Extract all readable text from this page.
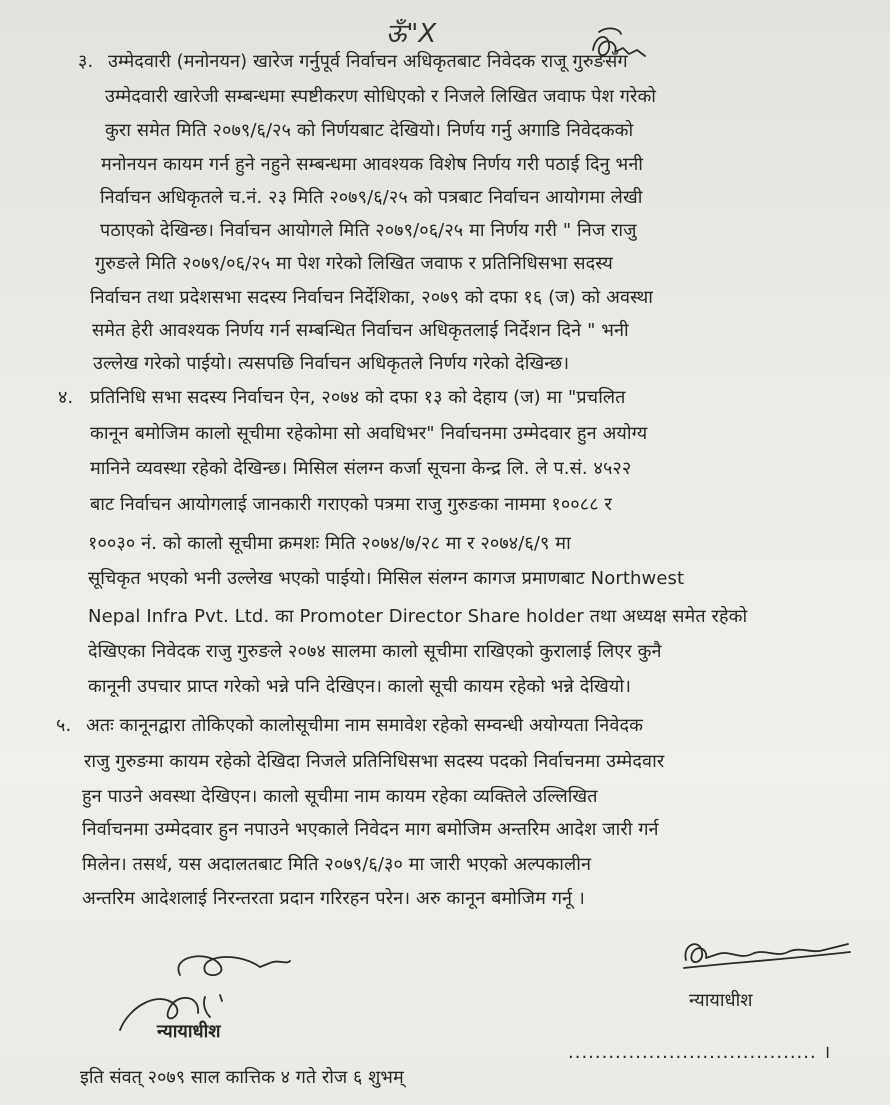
ऊँ"X
३. उम्मेदवारी (मनोनयन) खारेज गर्नुपूर्व निर्वाचन अधिकृतबाट निवेदक राजू गुरुङसँग
उम्मेदवारी खारेजी सम्बन्धमा स्पष्टीकरण सोधिएको र निजले लिखित जवाफ पेश गरेको
कुरा समेत मिति २०७९/६/२५ को निर्णयबाट देखियो। निर्णय गर्नु अगाडि निवेदकको
मनोनयन कायम गर्न हुने नहुने सम्बन्धमा आवश्यक विशेष निर्णय गरी पठाई दिनु भनी
निर्वाचन अधिकृतले च.नं. २३ मिति २०७९/६/२५ को पत्रबाट निर्वाचन आयोगमा लेखी
पठाएको देखिन्छ। निर्वाचन आयोगले मिति २०७९/०६/२५ मा निर्णय गरी " निज राजु
गुरुङले मिति २०७९/०६/२५ मा पेश गरेको लिखित जवाफ र प्रतिनिधिसभा सदस्य
निर्वाचन तथा प्रदेशसभा सदस्य निर्वाचन निर्देशिका, २०७९ को दफा १६ (ज) को अवस्था
समेत हेरी आवश्यक निर्णय गर्न सम्बन्धित निर्वाचन अधिकृतलाई निर्देशन दिने " भनी
उल्लेख गरेको पाईयो। त्यसपछि निर्वाचन अधिकृतले निर्णय गरेको देखिन्छ।
४. प्रतिनिधि सभा सदस्य निर्वाचन ऐन, २०७४ को दफा १३ को देहाय (ज) मा "प्रचलित
कानून बमोजिम कालो सूचीमा रहेकोमा सो अवधिभर" निर्वाचनमा उम्मेदवार हुन अयोग्य
मानिने व्यवस्था रहेको देखिन्छ। मिसिल संलग्न कर्जा सूचना केन्द्र लि. ले प.सं. ४५२२
बाट निर्वाचन आयोगलाई जानकारी गराएको पत्रमा राजु गुरुङका नाममा १००८८ र
१००३० नं. को कालो सूचीमा क्रमशः मिति २०७४/७/२८ मा र २०७४/६/९ मा
सूचिकृत भएको भनी उल्लेख भएको पाईयो। मिसिल संलग्न कागज प्रमाणबाट Northwest
Nepal Infra Pvt. Ltd. का Promoter Director Share holder तथा अध्यक्ष समेत रहेको
देखिएका निवेदक राजु गुरुङले २०७४ सालमा कालो सूचीमा राखिएको कुरालाई लिएर कुनै
कानूनी उपचार प्राप्त गरेको भन्ने पनि देखिएन। कालो सूची कायम रहेको भन्ने देखियो।
५. अतः कानूनद्वारा तोकिएको कालोसूचीमा नाम समावेश रहेको सम्वन्धी अयोग्यता निवेदक
राजु गुरुङमा कायम रहेको देखिदा निजले प्रतिनिधिसभा सदस्य पदको निर्वाचनमा उम्मेदवार
हुन पाउने अवस्था देखिएन। कालो सूचीमा नाम कायम रहेका व्यक्तिले उल्लिखित
निर्वाचनमा उम्मेदवार हुन नपाउने भएकाले निवेदन माग बमोजिम अन्तरिम आदेश जारी गर्न
मिलेन। तसर्थ, यस अदालतबाट मिति २०७९/६/३० मा जारी भएको अल्पकालीन
अन्तरिम आदेशलाई निरन्तरता प्रदान गरिरहन परेन। अरु कानून बमोजिम गर्नू ।
न्यायाधीश
न्यायाधीश
इति संवत् २०७९ साल कात्तिक ४ गते रोज ६ शुभम्
..................................... ।
